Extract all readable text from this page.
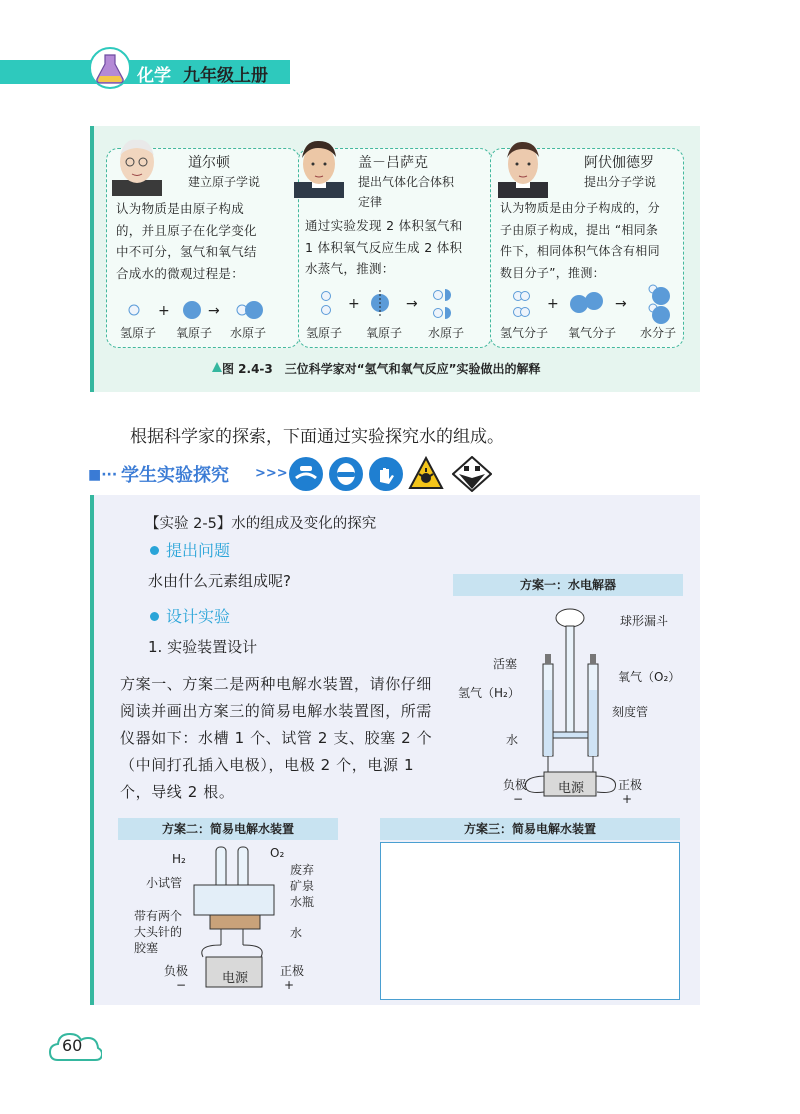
化学 九年级上册
道尔顿
建立原子学说
认为物质是由原子构成
的，并且原子在化学变化
中不可分，氢气和氧气结
合成水的微观过程是：
+	→
氢原子 氧原子 水原子
盖－吕萨克
提出气体化合体积
定律
通过实验发现 2 体积氢气和
1 体积氧气反应生成 2 体积
水蒸气，推测：
+	→
氢原子 氧原子 水原子
阿伏伽德罗
提出分子学说
认为物质是由分子构成的，分
子由原子构成，提出 “相同条
件下，相同体积气体含有相同
数目分子”，推测：
+	→
氢气分子 氧气分子 水分子
图 2.4-3　三位科学家对“氢气和氧气反应”实验做出的解释
根据科学家的探索，下面通过实验探究水的组成。
■··· 学生实验探究 >>>
【实验 2-5】水的组成及变化的探究
提出问题
水由什么元素组成呢?
设计实验
1. 实验装置设计
方案一、方案二是两种电解水装置，请你仔细阅读并画出方案三的简易电解水装置图，所需仪器如下：水槽 1 个、试管 2 支、胶塞 2 个（中间打孔插入电极），电极 2 个，电源 1 个，导线 2 根。
方案一：水电解器
球形漏斗
活塞
氧气（O₂）
氢气（H₂）
刻度管
水
负极
−
电源	正极
+
方案二：简易电解水装置
H₂	O₂
小试管
废弃
矿泉
水瓶
带有两个
大头针的
胶塞
水
负极
−	电源	正极
+
方案三：简易电解水装置
60
